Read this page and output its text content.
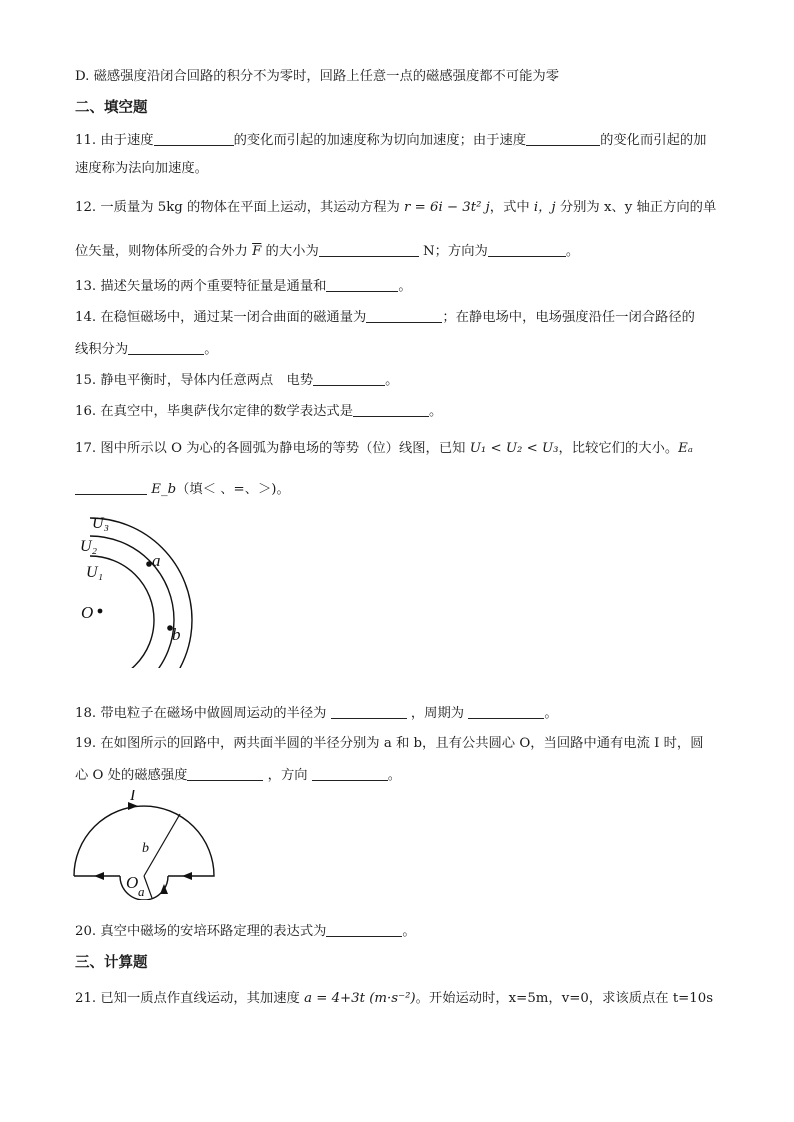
D. 磁感强度沿闭合回路的积分不为零时，回路上任意一点的磁感强度都不可能为零
二、填空题
11. 由于速度	的变化而引起的加速度称为切向加速度；由于速度	的变化而引起的加
速度称为法向加速度。
12. 一质量为 5kg 的物体在平面上运动，其运动方程为 r = 6i − 3t² j，式中 i，j 分别为 x、y 轴正方向的单
位矢量，则物体所受的合外力 $\overline{F}$ 的大小为	N；方向为	。
13. 描述矢量场的两个重要特征量是通量和	。
14. 在稳恒磁场中，通过某一闭合曲面的磁通量为	；在静电场中，电场强度沿任一闭合路径的
线积分为	。
15. 静电平衡时，导体内任意两点　电势	。
16. 在真空中，毕奥萨伐尔定律的数学表达式是	。
17. 图中所示以 O 为心的各圆弧为静电场的等势（位）线图，已知 U₁ < U₂ < U₃，比较它们的大小。Eₐ
E_b（填＜ 、=、＞)。
U₃
U₂
U₁
a
O
b
18. 带电粒子在磁场中做圆周运动的半径为	，周期为	。
19. 在如图所示的回路中，两共面半圆的半径分别为 a 和 b，且有公共圆心 O，当回路中通有电流 I 时，圆
心 O 处的磁感强度	，方向	。
I
b
O a
20. 真空中磁场的安培环路定理的表达式为	。
三、计算题
21. 已知一质点作直线运动，其加速度 a = 4+3t (m·s⁻²)。开始运动时，x=5m，v=0，求该质点在 t=10s
